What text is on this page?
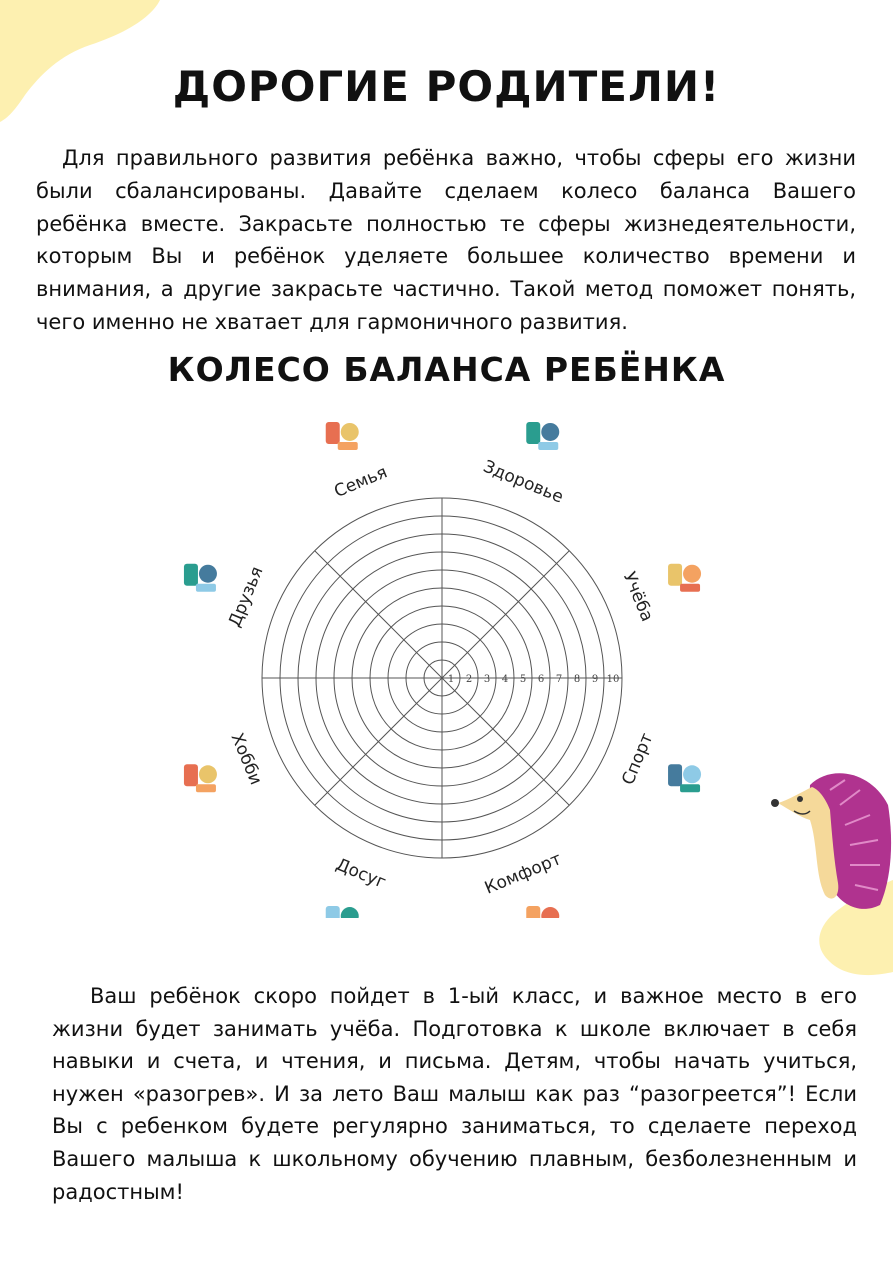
ДОРОГИЕ РОДИТЕЛИ!

Для правильного развития ребёнка важно, чтобы сферы его жизни были сбалансированы. Давайте сделаем колесо баланса Вашего ребёнка вместе. Закрасьте полностью те сферы жизнедеятельности, которым Вы и ребёнок уделяете большее количество времени и внимания, а другие закрасьте частично. Такой метод поможет понять, чего именно не хватает для гармоничного развития.

КОЛЕСО БАЛАНСА РЕБЁНКА
1 2 3 4 5 6 7 8 9 10
Семья	Здоровье
Учёба
Спорт
Комфорт
Досуг
Хобби
Друзья

Ваш ребёнок скоро пойдет в 1-ый класс, и важное место в его жизни будет занимать учёба. Подготовка к школе включает в себя навыки и счета, и чтения, и письма. Детям, чтобы начать учиться, нужен «разогрев». И за лето Ваш малыш как раз “разогреется”! Если Вы с ребенком будете регулярно заниматься, то сделаете переход Вашего малыша к школьному обучению плавным, безболезненным и радостным!
